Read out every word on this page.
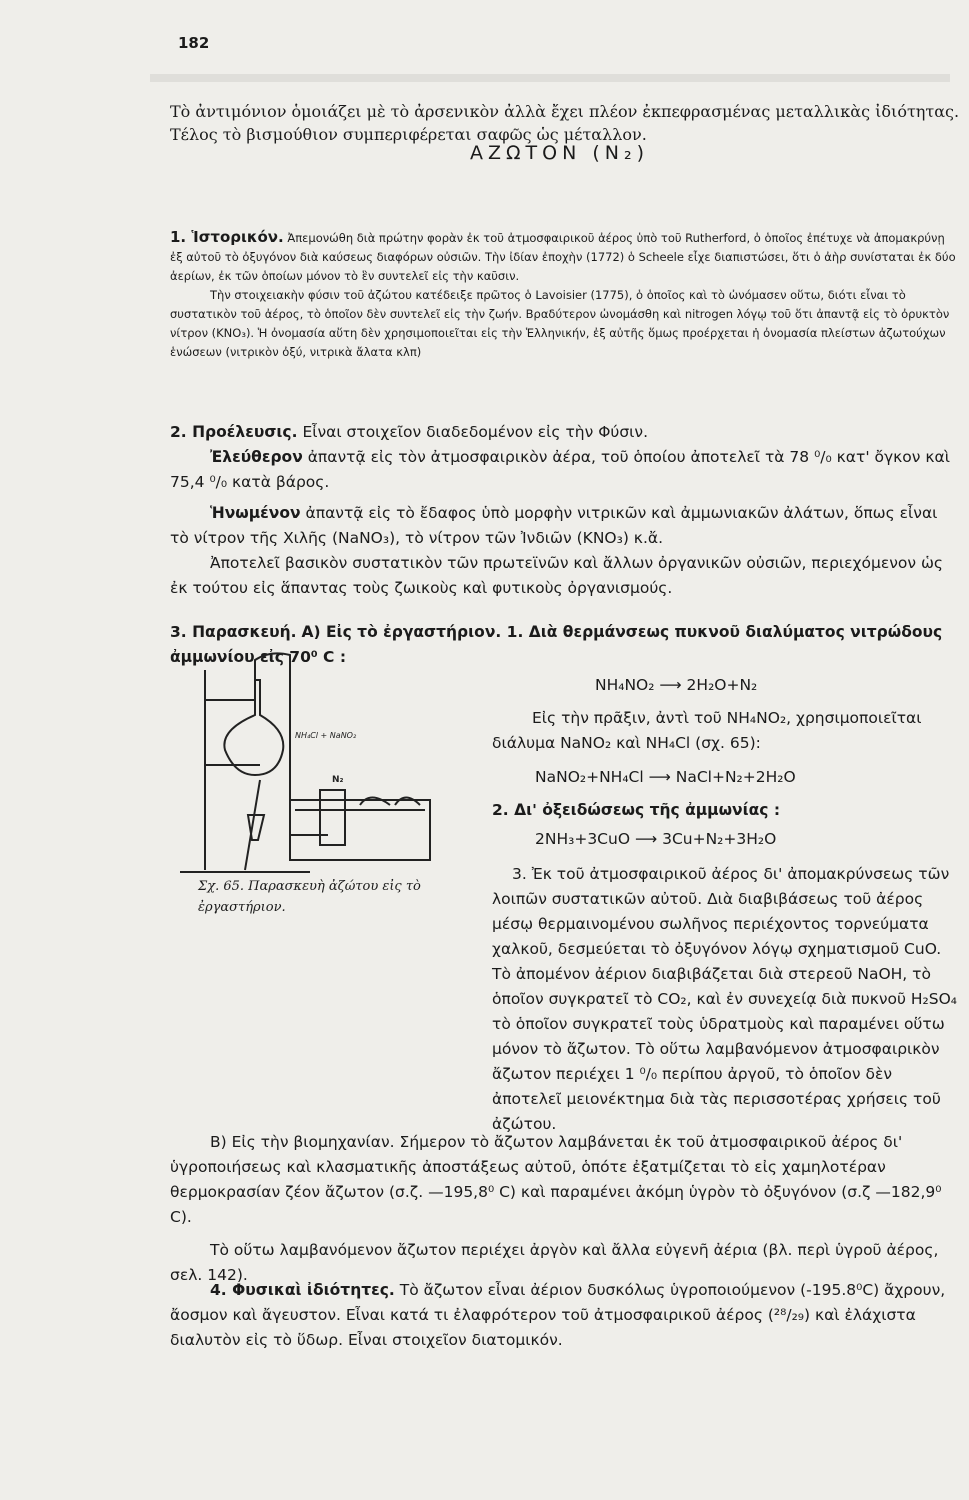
182

Τὸ ἀντιμόνιον ὁμοιάζει μὲ τὸ ἀρσενικὸν ἀλλὰ ἔχει πλέον ἐκπεφρασμένας μεταλλικὰς ἰδιότητας. Τέλος τὸ βισμούθιον συμπεριφέρεται σαφῶς ὡς μέταλλον.

ΑΖΩΤΟΝ (N₂)

1. Ἱστορικόν. Ἀπεμονώθη διὰ πρώτην φορὰν ἐκ τοῦ ἀτμοσφαιρικοῦ ἀέρος ὑπὸ τοῦ Rutherford, ὁ ὁποῖος ἐπέτυχε νὰ ἀπομακρύνῃ ἐξ αὐτοῦ τὸ ὀξυγόνον διὰ καύσεως διαφόρων οὐσιῶν. Τὴν ἰδίαν ἐποχὴν (1772) ὁ Scheele εἶχε διαπιστώσει, ὅτι ὁ ἀὴρ συνίσταται ἐκ δύο ἀερίων, ἐκ τῶν ὁποίων μόνον τὸ ἓν συντελεῖ εἰς τὴν καῦσιν.

Τὴν στοιχειακὴν φύσιν τοῦ ἀζώτου κατέδειξε πρῶτος ὁ Lavoisier (1775), ὁ ὁποῖος καὶ τὸ ὠνόμασεν οὕτω, διότι εἶναι τὸ συστατικὸν τοῦ ἀέρος, τὸ ὁποῖον δὲν συντελεῖ εἰς τὴν ζωήν. Βραδύτερον ὠνομάσθη καὶ nitrogen λόγῳ τοῦ ὅτι ἀπαντᾷ εἰς τὸ ὀρυκτὸν νίτρον (KNO₃). Ἡ ὀνομασία αὕτη δὲν χρησιμοποιεῖται εἰς τὴν Ἑλληνικήν, ἐξ αὐτῆς ὅμως προέρχεται ἡ ὀνομασία πλείστων ἀζωτούχων ἑνώσεων (νιτρικὸν ὀξύ, νιτρικὰ ἄλατα κλπ)

2. Προέλευσις. Εἶναι στοιχεῖον διαδεδομένον εἰς τὴν Φύσιν.

Ἐλεύθερον ἀπαντᾷ εἰς τὸν ἀτμοσφαιρικὸν ἀέρα, τοῦ ὁποίου ἀποτελεῖ τὰ 78 ⁰/₀ κατ' ὄγκον καὶ 75,4 ⁰/₀ κατὰ βάρος.

Ἡνωμένον ἀπαντᾷ εἰς τὸ ἔδαφος ὑπὸ μορφὴν νιτρικῶν καὶ ἀμμωνιακῶν ἀλάτων, ὅπως εἶναι τὸ νίτρον τῆς Χιλῆς (NaNO₃), τὸ νίτρον τῶν Ἰνδιῶν (KNO₃) κ.ἄ.

Ἀποτελεῖ βασικὸν συστατικὸν τῶν πρωτεϊνῶν καὶ ἄλλων ὀργανικῶν οὐσιῶν, περιεχόμενον ὡς ἐκ τούτου εἰς ἅπαντας τοὺς ζωικοὺς καὶ φυτικοὺς ὀργανισμούς.

3. Παρασκευή. Α) Εἰς τὸ ἐργαστήριον. 1. Διὰ θερμάνσεως πυκνοῦ διαλύματος νιτρώδους ἀμμωνίου εἰς 70⁰ C :

NH₄Cl + NaNO₂
N₂
Σχ. 65. Παρασκευὴ ἀζώτου εἰς τὸ ἐργαστήριον.
NH₄NO₂ ⟶ 2H₂O+N₂

Εἰς τὴν πρᾶξιν, ἀντὶ τοῦ NH₄NO₂, χρησιμοποιεῖται διάλυμα NaNO₂ καὶ NH₄Cl (σχ. 65):

NaNO₂+NH₄Cl ⟶ NaCl+N₂+2H₂O

2. Δι' ὀξειδώσεως τῆς ἀμμωνίας :

2NH₃+3CuO ⟶ 3Cu+N₂+3H₂O

3. Ἐκ τοῦ ἀτμοσφαιρικοῦ ἀέρος δι' ἀπομακρύνσεως τῶν λοιπῶν συστατικῶν αὐτοῦ. Διὰ διαβιβάσεως τοῦ ἀέρος μέσῳ θερμαινομένου σωλῆνος περιέχοντος τορνεύματα χαλκοῦ, δεσμεύεται τὸ ὀξυγόνον λόγῳ σχηματισμοῦ CuO. Τὸ ἀπομένον ἀέριον διαβιβάζεται διὰ στερεοῦ NaOH, τὸ ὁποῖον συγκρατεῖ τὸ CO₂, καὶ ἐν συνεχείᾳ διὰ πυκνοῦ H₂SO₄ τὸ ὁποῖον συγκρατεῖ τοὺς ὑδρατμοὺς καὶ παραμένει οὕτω μόνον τὸ ἄζωτον. Τὸ οὕτω λαμβανόμενον ἀτμοσφαιρικὸν ἄζωτον περιέχει 1 ⁰/₀ περίπου ἀργοῦ, τὸ ὁποῖον δὲν ἀποτελεῖ μειονέκτημα διὰ τὰς περισσοτέρας χρήσεις τοῦ ἀζώτου.

Β) Εἰς τὴν βιομηχανίαν. Σήμερον τὸ ἄζωτον λαμβάνεται ἐκ τοῦ ἀτμοσφαιρικοῦ ἀέρος δι' ὑγροποιήσεως καὶ κλασματικῆς ἀποστάξεως αὐτοῦ, ὁπότε ἐξατμίζεται τὸ εἰς χαμηλοτέραν θερμοκρασίαν ζέον ἄζωτον (σ.ζ. —195,8⁰ C) καὶ παραμένει ἀκόμη ὑγρὸν τὸ ὀξυγόνον (σ.ζ —182,9⁰ C).

Τὸ οὕτω λαμβανόμενον ἄζωτον περιέχει ἀργὸν καὶ ἄλλα εὐγενῆ ἀέρια (βλ. περὶ ὑγροῦ ἀέρος, σελ. 142).

4. Φυσικαὶ ἰδιότητες. Τὸ ἄζωτον εἶναι ἀέριον δυσκόλως ὑγροποιούμενον (-195.8⁰C) ἄχρουν, ἄοσμον καὶ ἄγευστον. Εἶναι κατά τι ἐλαφρότερον τοῦ ἀτμοσφαιρικοῦ ἀέρος (²⁸/₂₉) καὶ ἐλάχιστα διαλυτὸν εἰς τὸ ὕδωρ. Εἶναι στοιχεῖον διατομικόν.
